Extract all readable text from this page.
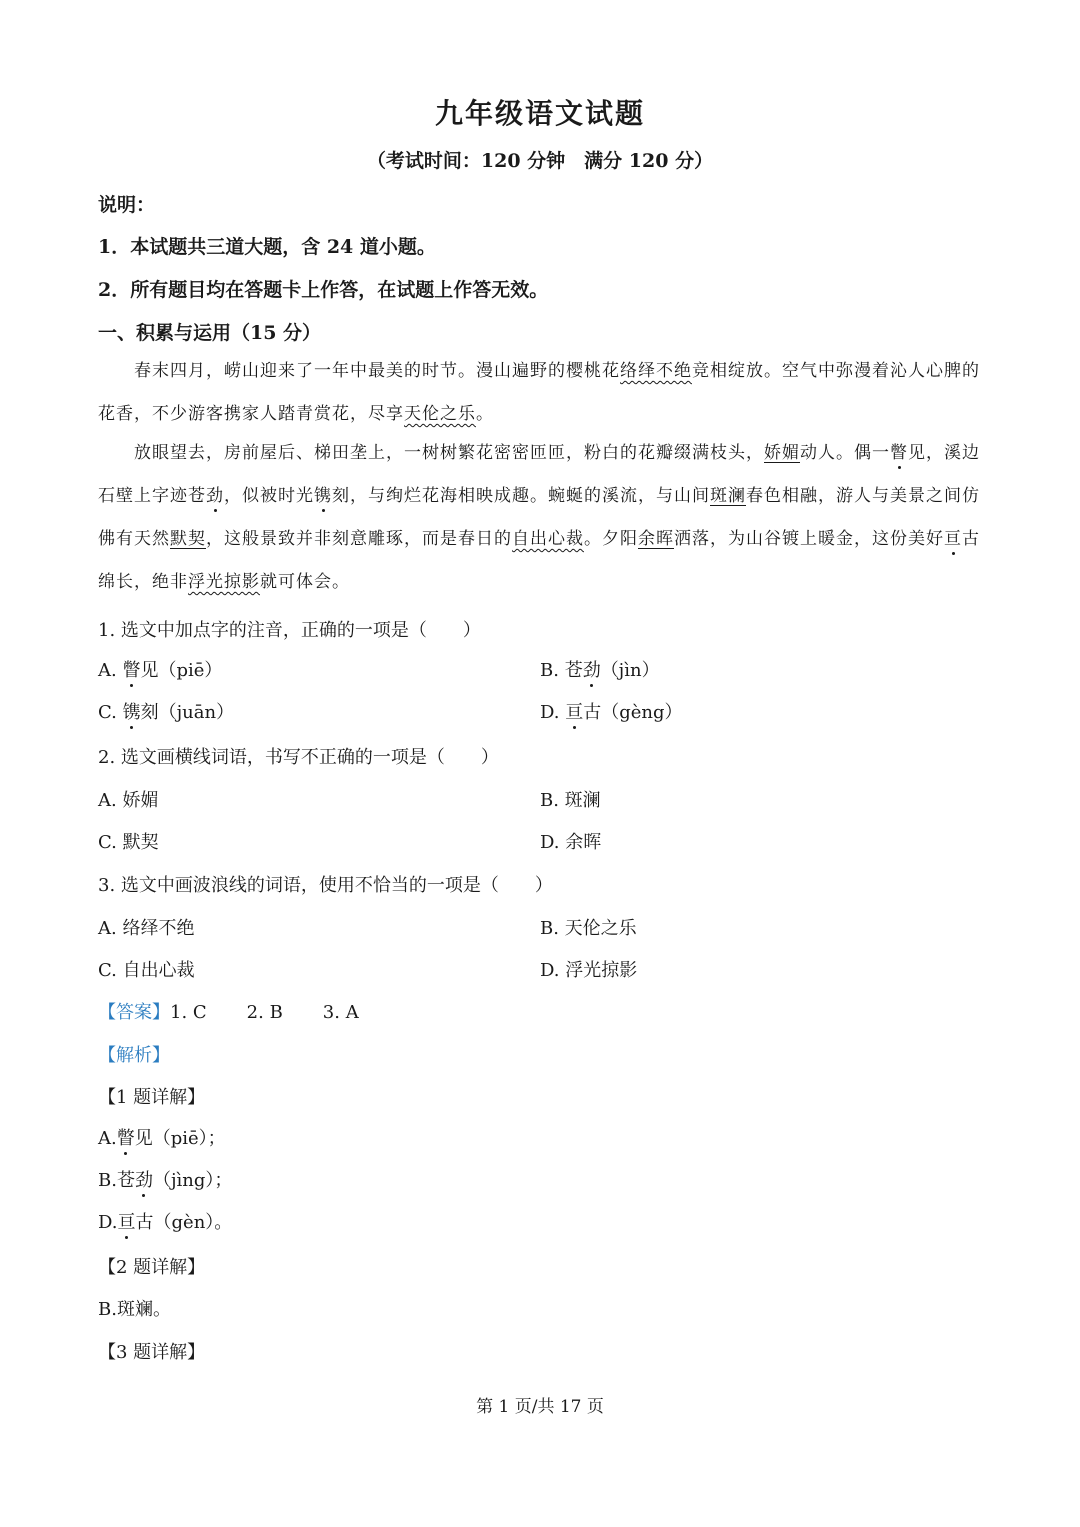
九年级语文试题
（考试时间：120 分钟　满分 120 分）
说明：
1．本试题共三道大题，含 24 道小题。
2．所有题目均在答题卡上作答，在试题上作答无效。
一、积累与运用（15 分）
春末四月，崂山迎来了一年中最美的时节。漫山遍野的樱桃花络绎不绝竞相绽放。空气中弥漫着沁人心脾的花香，不少游客携家人踏青赏花，尽享天伦之乐。
放眼望去，房前屋后、梯田垄上，一树树繁花密密匝匝，粉白的花瓣缀满枝头，娇媚动人。偶一瞥见，溪边石壁上字迹苍劲，似被时光镌刻，与绚烂花海相映成趣。蜿蜒的溪流，与山间斑澜春色相融，游人与美景之间仿佛有天然默契，这般景致并非刻意雕琢，而是春日的自出心裁。夕阳余晖洒落，为山谷镀上暖金，这份美好亘古绵长，绝非浮光掠影就可体会。
1. 选文中加点字的注音，正确的一项是（　　）
A. 瞥见（piē）	B. 苍劲（jìn）
C. 镌刻（juān）	D. 亘古（gèng）
2. 选文画横线词语，书写不正确的一项是（　　）
A. 娇媚	B. 斑澜
C. 默契	D. 余晖
3. 选文中画波浪线的词语，使用不恰当的一项是（　　）
A. 络绎不绝	B. 天伦之乐
C. 自出心裁	D. 浮光掠影
【答案】1. C 2. B 3. A
【解析】
【1 题详解】
A.瞥见（piē）；
B.苍劲（jìng）；
D.亘古（gèn）。
【2 题详解】
B.斑斓。
【3 题详解】
第 1 页/共 17 页
